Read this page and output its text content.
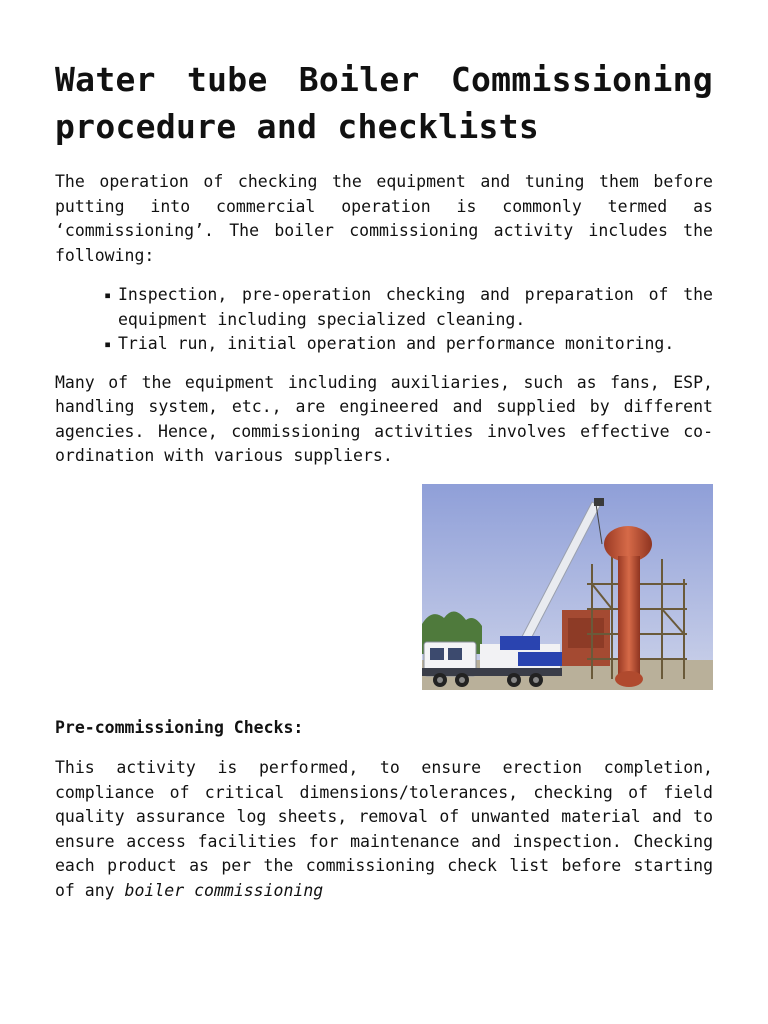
Water tube Boiler Commissioning procedure and checklists

The operation of checking the equipment and tuning them before putting into commercial operation is commonly termed as ‘commissioning’. The boiler commissioning activity includes the following:

▪ Inspection, pre-operation checking and preparation of the equipment including specialized cleaning.
▪ Trial run, initial operation and performance monitoring.

Many of the equipment including auxiliaries, such as fans, ESP, handling system, etc., are engineered and supplied by different agencies. Hence, commissioning activities involves effective co-ordination with various suppliers.

Pre-commissioning Checks:

This activity is performed, to ensure erection completion, compliance of critical dimensions/tolerances, checking of field quality assurance log sheets, removal of unwanted material and to ensure access facilities for maintenance and inspection. Checking each product as per the commissioning check list before starting of any boiler commissioning
